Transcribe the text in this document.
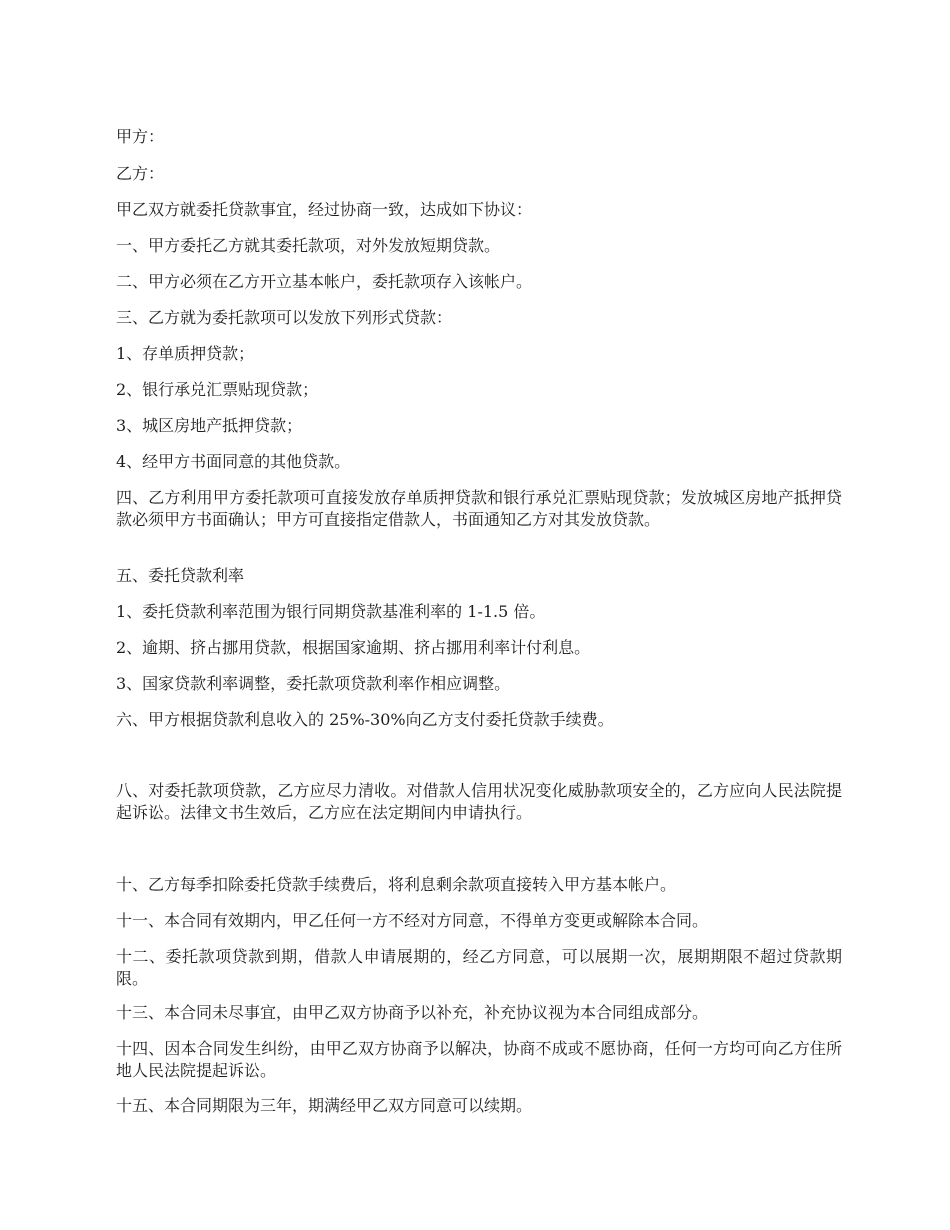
甲方：

乙方：

甲乙双方就委托贷款事宜，经过协商一致，达成如下协议：

一、甲方委托乙方就其委托款项，对外发放短期贷款。

二、甲方必须在乙方开立基本帐户，委托款项存入该帐户。

三、乙方就为委托款项可以发放下列形式贷款：

1、存单质押贷款；

2、银行承兑汇票贴现贷款；

3、城区房地产抵押贷款；

4、经甲方书面同意的其他贷款。

四、乙方利用甲方委托款项可直接发放存单质押贷款和银行承兑汇票贴现贷款；发放城区房地产抵押贷款必须甲方书面确认；甲方可直接指定借款人，书面通知乙方对其发放贷款。

五、委托贷款利率

1、委托贷款利率范围为银行同期贷款基准利率的 1-1.5 倍。

2、逾期、挤占挪用贷款，根据国家逾期、挤占挪用利率计付利息。

3、国家贷款利率调整，委托款项贷款利率作相应调整。

六、甲方根据贷款利息收入的 25%-30%向乙方支付委托贷款手续费。

八、对委托款项贷款，乙方应尽力清收。对借款人信用状况变化威胁款项安全的，乙方应向人民法院提起诉讼。法律文书生效后，乙方应在法定期间内申请执行。

十、乙方每季扣除委托贷款手续费后，将利息剩余款项直接转入甲方基本帐户。

十一、本合同有效期内，甲乙任何一方不经对方同意，不得单方变更或解除本合同。

十二、委托款项贷款到期，借款人申请展期的，经乙方同意，可以展期一次，展期期限不超过贷款期限。

十三、本合同未尽事宜，由甲乙双方协商予以补充，补充协议视为本合同组成部分。

十四、因本合同发生纠纷，由甲乙双方协商予以解决，协商不成或不愿协商，任何一方均可向乙方住所地人民法院提起诉讼。

十五、本合同期限为三年，期满经甲乙双方同意可以续期。
